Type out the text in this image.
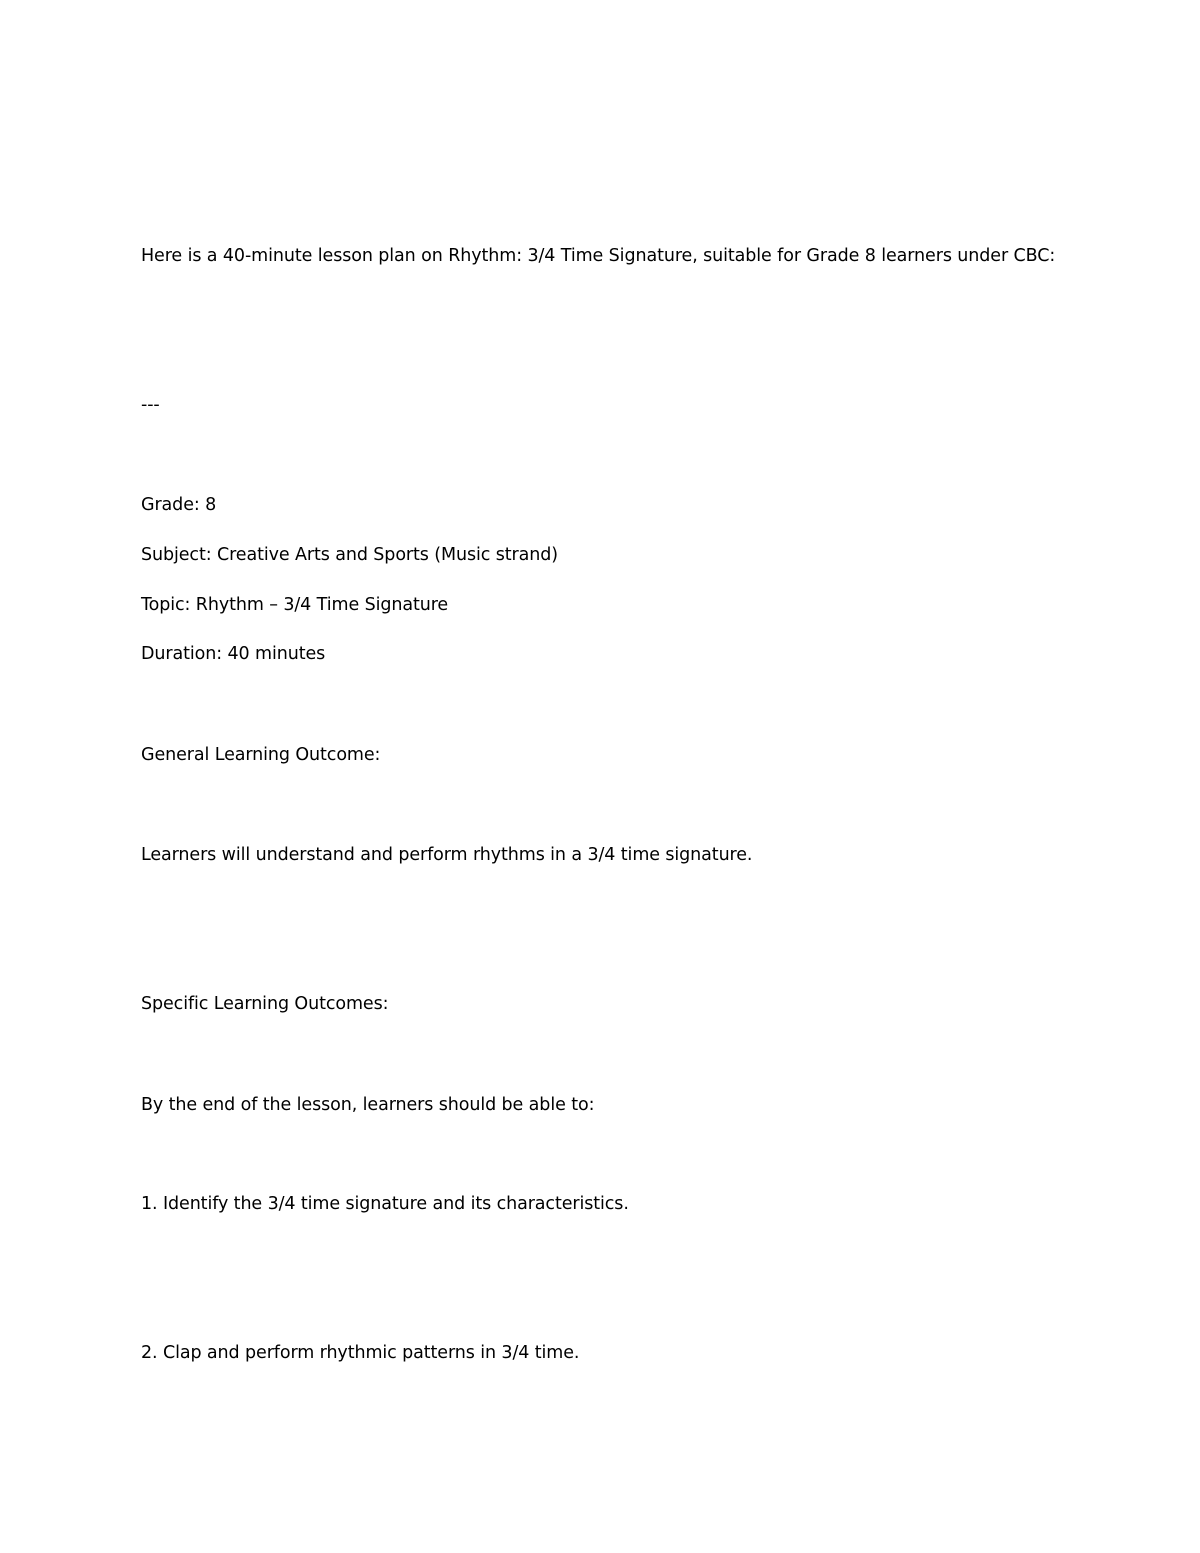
Here is a 40-minute lesson plan on Rhythm: 3/4 Time Signature, suitable for Grade 8 learners under CBC:
---
Grade: 8
Subject: Creative Arts and Sports (Music strand)
Topic: Rhythm – 3/4 Time Signature
Duration: 40 minutes
General Learning Outcome:
Learners will understand and perform rhythms in a 3/4 time signature.
Specific Learning Outcomes:
By the end of the lesson, learners should be able to:
1. Identify the 3/4 time signature and its characteristics.
2. Clap and perform rhythmic patterns in 3/4 time.
